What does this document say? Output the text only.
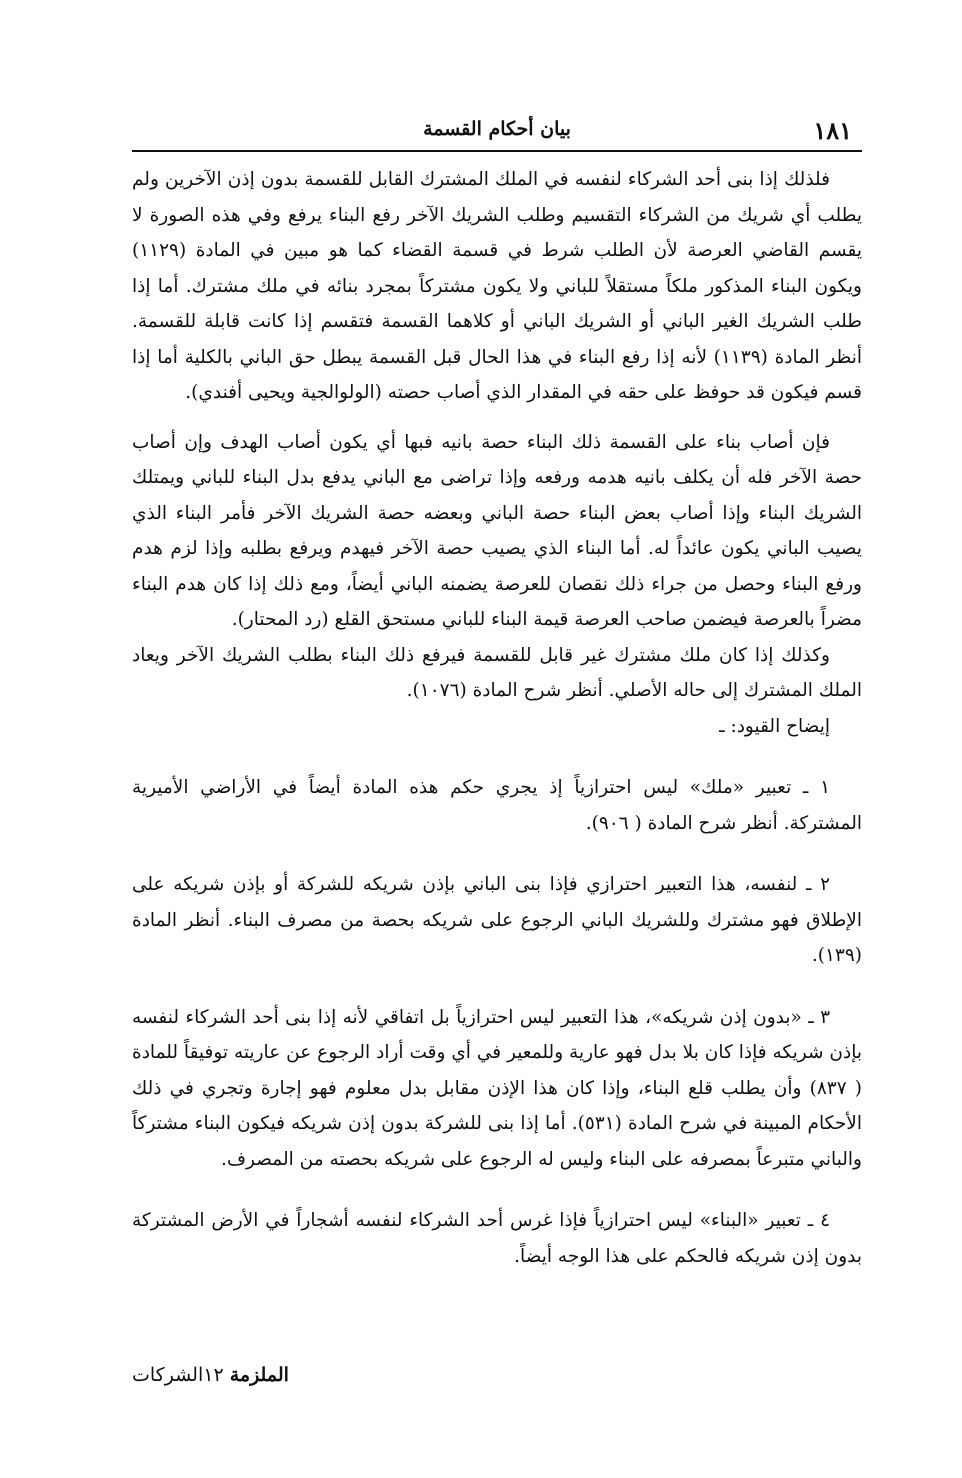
بيان أحكام القسمة	١٨١

فلذلك إذا بنى أحد الشركاء لنفسه في الملك المشترك القابل للقسمة بدون إذن الآخرين ولم يطلب أي شريك من الشركاء التقسيم وطلب الشريك الآخر رفع البناء يرفع وفي هذه الصورة لا يقسم القاضي العرصة لأن الطلب شرط في قسمة القضاء كما هو مبين في المادة (١١٢٩) ويكون البناء المذكور ملكاً مستقلاً للباني ولا يكون مشتركاً بمجرد بنائه في ملك مشترك. أما إذا طلب الشريك الغير الباني أو الشريك الباني أو كلاهما القسمة فتقسم إذا كانت قابلة للقسمة. أنظر المادة (١١٣٩) لأنه إذا رفع البناء في هذا الحال قبل القسمة يبطل حق الباني بالكلية أما إذا قسم فيكون قد حوفظ على حقه في المقدار الذي أصاب حصته (الولوالجية ويحيى أفندي).

فإن أصاب بناء على القسمة ذلك البناء حصة بانيه فبها أي يكون أصاب الهدف وإن أصاب حصة الآخر فله أن يكلف بانيه هدمه ورفعه وإذا تراضى مع الباني يدفع بدل البناء للباني ويمتلك الشريك البناء وإذا أصاب بعض البناء حصة الباني وبعضه حصة الشريك الآخر فأمر البناء الذي يصيب الباني يكون عائداً له. أما البناء الذي يصيب حصة الآخر فيهدم ويرفع بطلبه وإذا لزم هدم ورفع البناء وحصل من جراء ذلك نقصان للعرصة يضمنه الباني أيضاً، ومع ذلك إذا كان هدم البناء مضراً بالعرصة فيضمن صاحب العرصة قيمة البناء للباني مستحق القلع (رد المحتار).

وكذلك إذا كان ملك مشترك غير قابل للقسمة فيرفع ذلك البناء بطلب الشريك الآخر ويعاد الملك المشترك إلى حاله الأصلي. أنظر شرح المادة (١٠٧٦).

إيضاح القيود: ـ

١ ـ تعبير «ملك» ليس احترازياً إذ يجري حكم هذه المادة أيضاً في الأراضي الأميرية المشتركة. أنظر شرح المادة ( ٩٠٦).

٢ ـ لنفسه، هذا التعبير احترازي فإذا بنى الباني بإذن شريكه للشركة أو بإذن شريكه على الإطلاق فهو مشترك وللشريك الباني الرجوع على شريكه بحصة من مصرف البناء. أنظر المادة (١٣٩).

٣ ـ «بدون إذن شريكه»، هذا التعبير ليس احترازياً بل اتفاقي لأنه إذا بنى أحد الشركاء لنفسه بإذن شريكه فإذا كان بلا بدل فهو عارية وللمعير في أي وقت أراد الرجوع عن عاريته توفيقاً للمادة ( ٨٣٧) وأن يطلب قلع البناء، وإذا كان هذا الإذن مقابل بدل معلوم فهو إجارة وتجري في ذلك الأحكام المبينة في شرح المادة (٥٣١). أما إذا بنى للشركة بدون إذن شريكه فيكون البناء مشتركاً والباني متبرعاً بمصرفه على البناء وليس له الرجوع على شريكه بحصته من المصرف.

٤ ـ تعبير «البناء» ليس احترازياً فإذا غرس أحد الشركاء لنفسه أشجاراً في الأرض المشتركة بدون إذن شريكه فالحكم على هذا الوجه أيضاً.

الملزمة ١٢الشركات
